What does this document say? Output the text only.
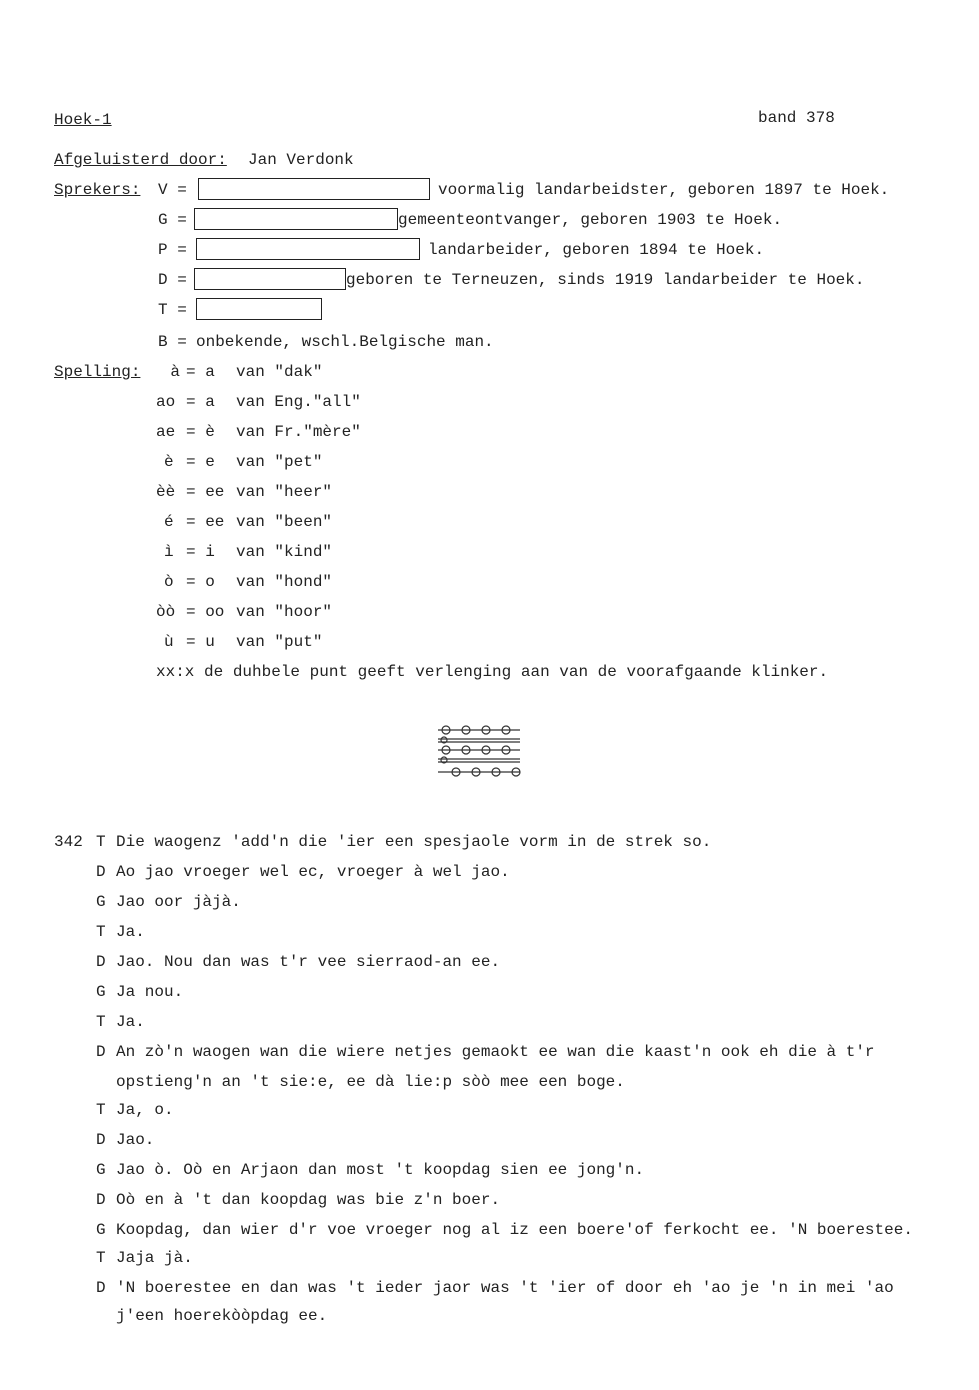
Hoek-1	band 378
Afgeluisterd door: Jan Verdonk
Sprekers: V =	voormalig landarbeidster, geboren 1897 te Hoek.
G =	gemeenteontvanger, geboren 1903 te Hoek.
P =	landarbeider, geboren 1894 te Hoek.
D =	geboren te Terneuzen, sinds 1919 landarbeider te Hoek.
T =
B = onbekende, wschl.Belgische man.
Spelling:	à = a	van "dak"
ao = a	van Eng."all"
ae = è	van Fr."mère"
è = e	van "pet"
èè = ee van "heer"
é = ee van "been"
ì = i	van "kind"
ò = o	van "hond"
òò = oo van "hoor"
ù = u	van "put"
xx:x de duhbele punt geeft verlenging aan van de voorafgaande klinker.
342 T Die waogenz 'add'n die 'ier een spesjaole vorm in de strek so.
D Ao jao vroeger wel ec, vroeger à wel jao.
G Jao oor jàjà.
T Ja.
D Jao. Nou dan was t'r vee sierraod-an ee.
G Ja nou.
T Ja.
D An zò'n waogen wan die wiere netjes gemaokt ee wan die kaast'n ook eh die à t'r
opstieng'n an 't sie:e, ee dà lie:p sòò mee een boge.
T Ja, o.
D Jao.
G Jao ò. Oò en Arjaon dan most 't koopdag sien ee jong'n.
D Oò en à 't dan koopdag was bie z'n boer.
G Koopdag, dan wier d'r voe vroeger nog al iz een boere'of ferkocht ee. 'N boerestee.
T Jaja jà.
D 'N boerestee en dan was 't ieder jaor was 't 'ier of door eh 'ao je 'n in mei 'ao
j'een hoerekòòpdag ee.
